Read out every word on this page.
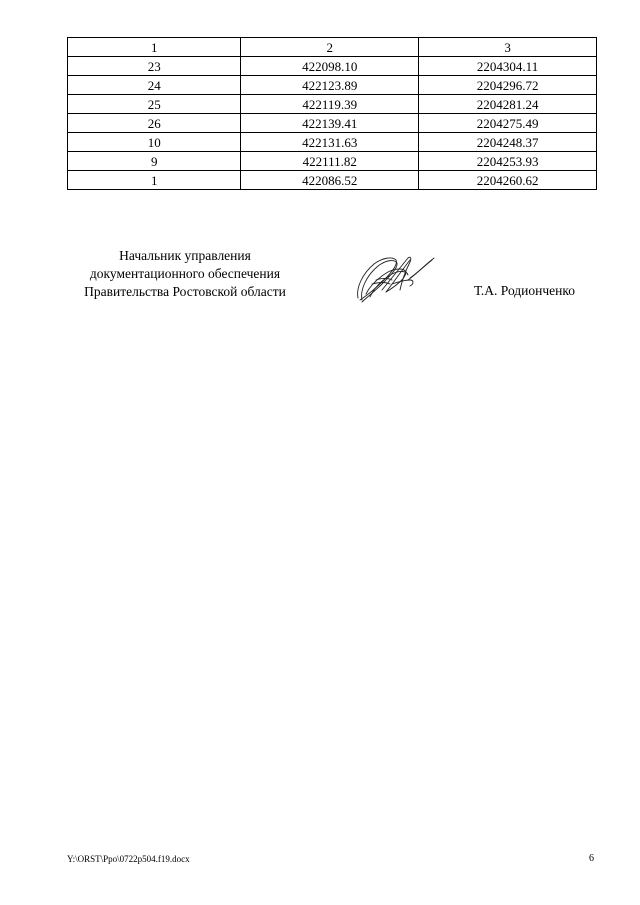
1	2	3
23	422098.10	2204304.11
24	422123.89	2204296.72
25	422119.39	2204281.24
26	422139.41	2204275.49
10	422131.63	2204248.37
9	422111.82	2204253.93
1	422086.52	2204260.62
Начальник управления
документационного обеспечения
Правительства Ростовской области	Т.А. Родионченко
Y:\ORST\Ppo\0722p504.f19.docx	6
